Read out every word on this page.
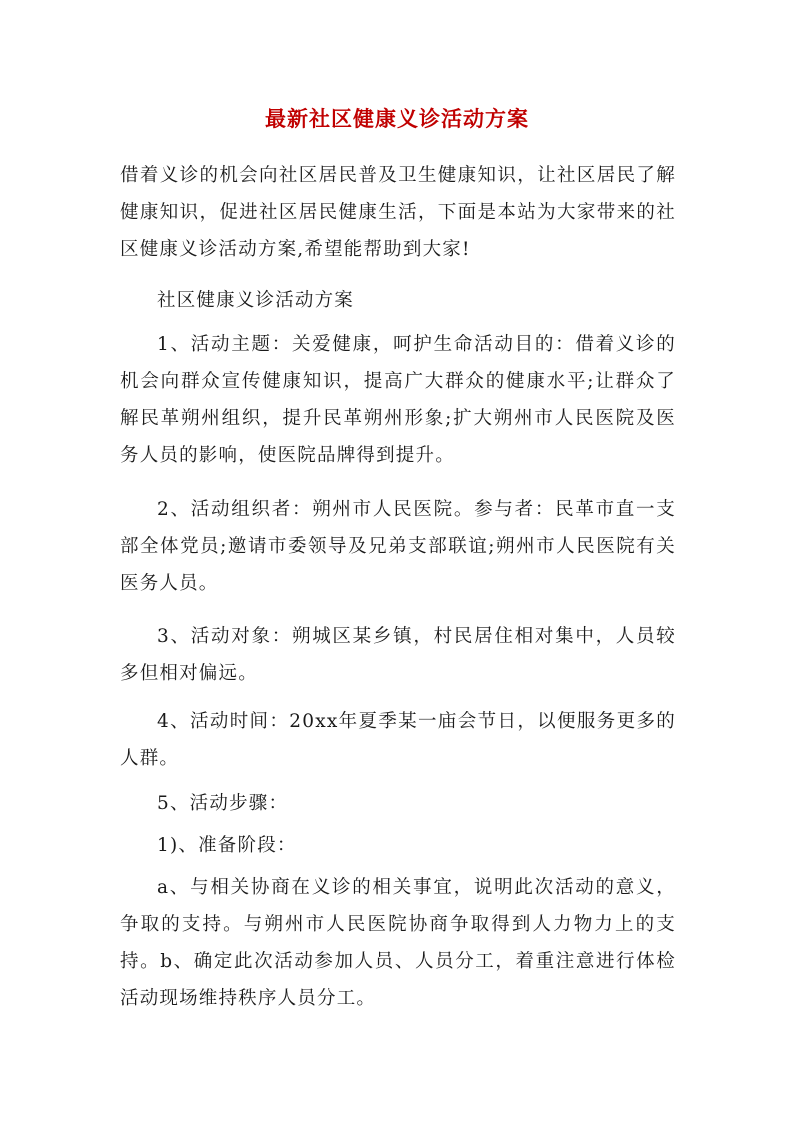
最新社区健康义诊活动方案

借着义诊的机会向社区居民普及卫生健康知识，让社区居民了解健康知识，促进社区居民健康生活，下面是本站为大家带来的社区健康义诊活动方案,希望能帮助到大家!

社区健康义诊活动方案

1、活动主题：关爱健康，呵护生命活动目的：借着义诊的机会向群众宣传健康知识，提高广大群众的健康水平;让群众了解民革朔州组织，提升民革朔州形象;扩大朔州市人民医院及医务人员的影响，使医院品牌得到提升。

2、活动组织者：朔州市人民医院。参与者：民革市直一支部全体党员;邀请市委领导及兄弟支部联谊;朔州市人民医院有关医务人员。

3、活动对象：朔城区某乡镇，村民居住相对集中，人员较多但相对偏远。

4、活动时间：20xx年夏季某一庙会节日，以便服务更多的人群。

5、活动步骤：

1)、准备阶段：

a、与相关协商在义诊的相关事宜，说明此次活动的意义，争取的支持。与朔州市人民医院协商争取得到人力物力上的支持。b、确定此次活动参加人员、人员分工，着重注意进行体检活动现场维持秩序人员分工。
